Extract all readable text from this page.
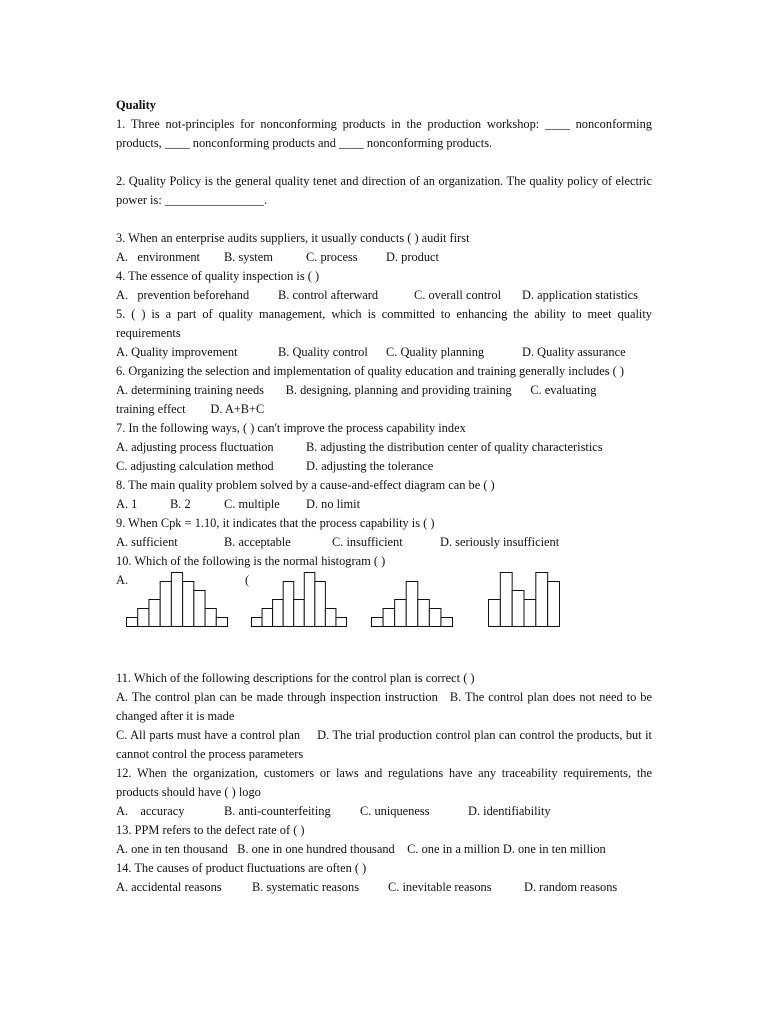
Quality
1. Three not-principles for nonconforming products in the production workshop: ____ nonconforming products, ____ nonconforming products and ____ nonconforming products.
2. Quality Policy is the general quality tenet and direction of an organization. The quality policy of electric power is: ________________.
3. When an enterprise audits suppliers, it usually conducts ( ) audit first
A.   environment B. system	C. process D. product
4. The essence of quality inspection is ( )
A.   prevention beforehand B. control afterward	C. overall control D. application statistics
5. ( ) is a part of quality management, which is committed to enhancing the ability to meet quality requirements
A. Quality improvement	B. Quality control C. Quality planning	D. Quality assurance
6. Organizing the selection and implementation of quality education and training generally includes ( )
A. determining training needs       B. designing, planning and providing training      C. evaluating
training effect        D. A+B+C
7. In the following ways, ( ) can't improve the process capability index
A. adjusting process fluctuation	B. adjusting the distribution center of quality characteristics
C. adjusting calculation method	D. adjusting the tolerance
8. The main quality problem solved by a cause-and-effect diagram can be ( )
A. 1	B. 2	C. multiple D. no limit
9. When Cpk = 1.10, it indicates that the process capability is ( )
A. sufficient	B. acceptable	C. insufficient	D. seriously insufficient
10. Which of the following is the normal histogram ( )
A.	(
11. Which of the following descriptions for the control plan is correct ( )
A. The control plan can be made through inspection instruction   B. The control plan does not need to be changed after it is made
C. All parts must have a control plan     D. The trial production control plan can control the products, but it cannot control the process parameters
12. When the organization, customers or laws and regulations have any traceability requirements, the products should have ( ) logo
A.    accuracy	B. anti-counterfeiting C. uniqueness	D. identifiability
13. PPM refers to the defect rate of ( )
A. one in ten thousand   B. one in one hundred thousand    C. one in a million D. one in ten million
14. The causes of product fluctuations are often ( )
A. accidental reasons B. systematic reasons C. inevitable reasons	D. random reasons
